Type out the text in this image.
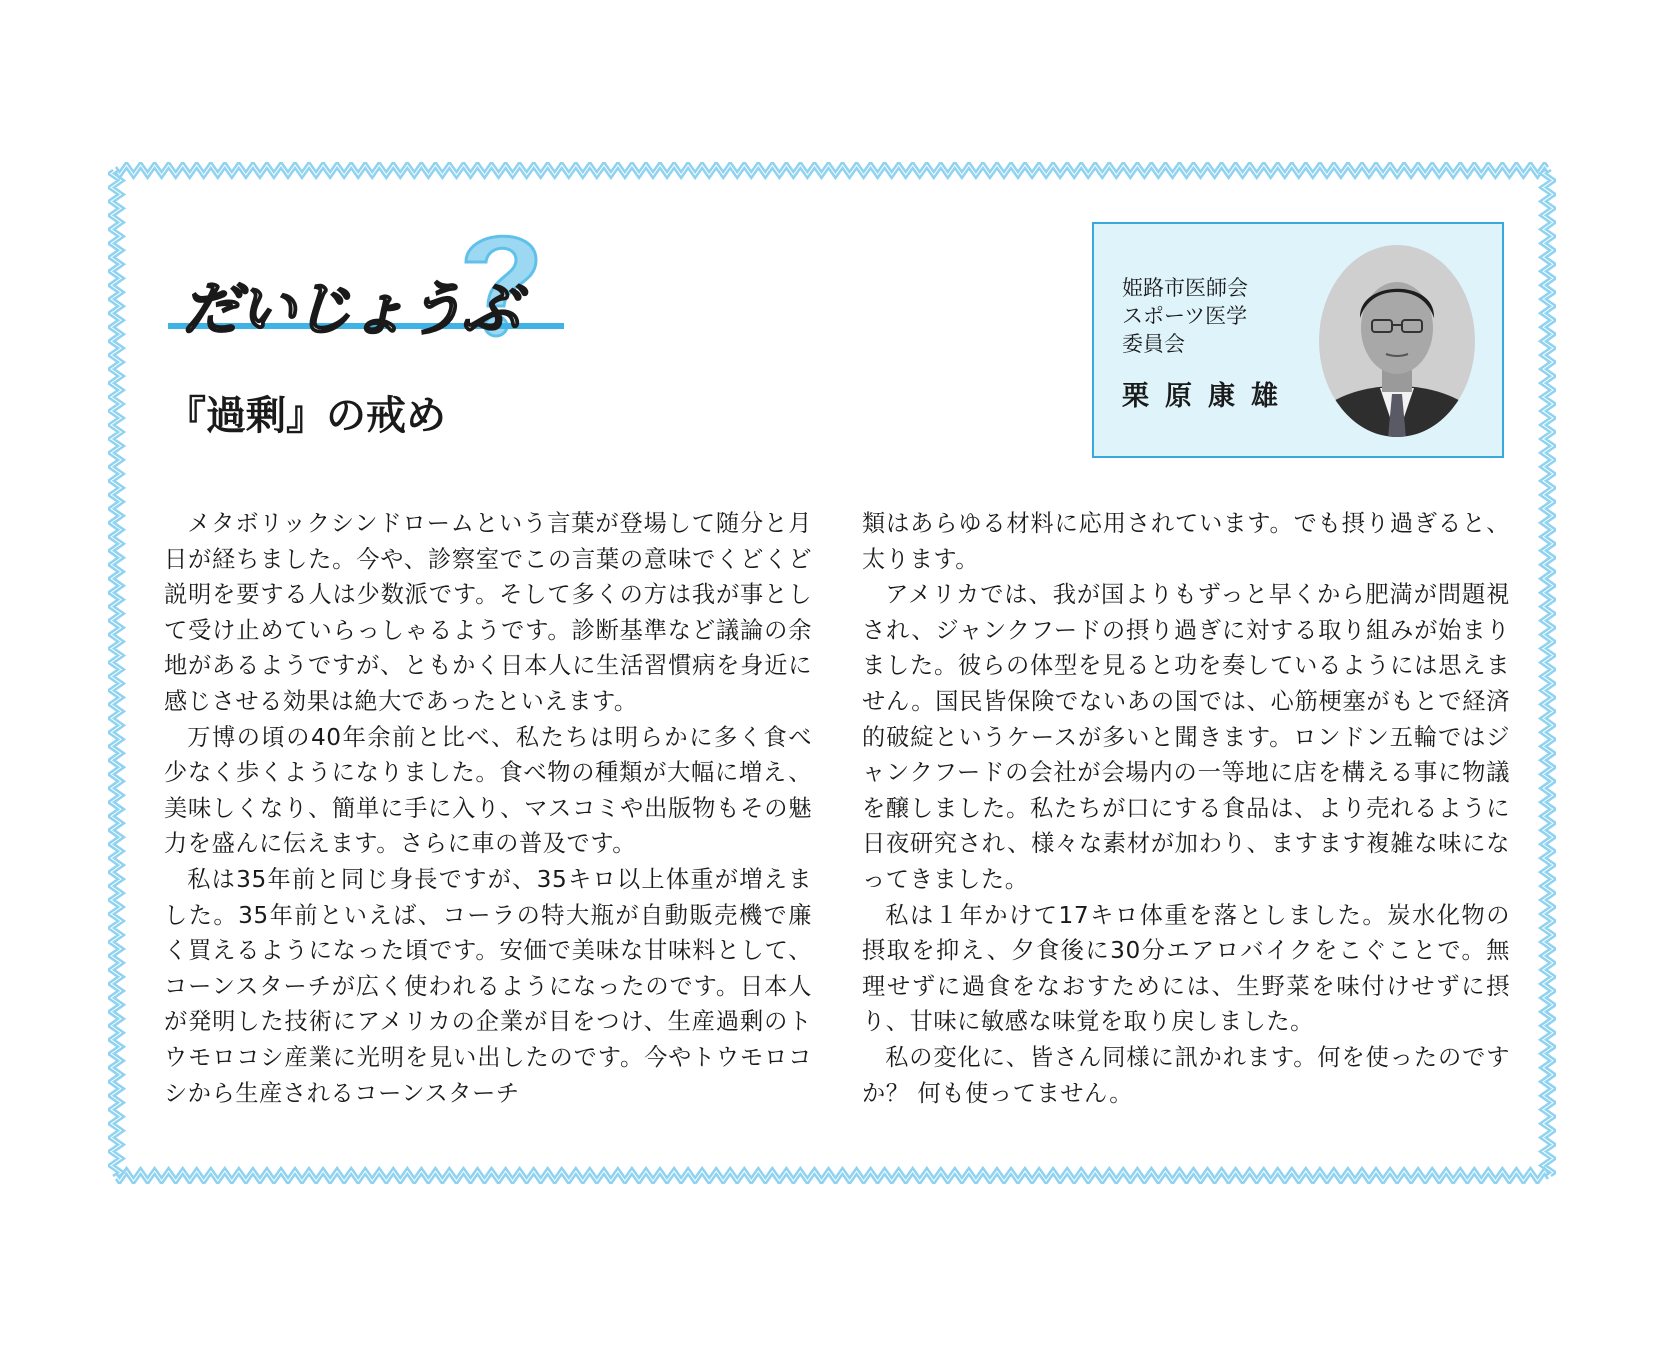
だいじょうぶ
『過剰』の戒め
姫路市医師会
スポーツ医学
委員会
栗原康雄

メタボリックシンドロームという言葉が登場して随分と月日が経ちました。今や、診察室でこの言葉の意味でくどくど説明を要する人は少数派です。そして多くの方は我が事として受け止めていらっしゃるようです。診断基準など議論の余地があるようですが、ともかく日本人に生活習慣病を身近に感じさせる効果は絶大であったといえます。

万博の頃の40年余前と比べ、私たちは明らかに多く食べ少なく歩くようになりました。食べ物の種類が大幅に増え、美味しくなり、簡単に手に入り、マスコミや出版物もその魅力を盛んに伝えます。さらに車の普及です。

私は35年前と同じ身長ですが、35キロ以上体重が増えました。35年前といえば、コーラの特大瓶が自動販売機で廉く買えるようになった頃です。安価で美味な甘味料として、コーンスターチが広く使われるようになったのです。日本人が発明した技術にアメリカの企業が目をつけ、生産過剰のトウモロコシ産業に光明を見い出したのです。今やトウモロコシから生産されるコーンスターチ

類はあらゆる材料に応用されています。でも摂り過ぎると、太ります。

アメリカでは、我が国よりもずっと早くから肥満が問題視され、ジャンクフードの摂り過ぎに対する取り組みが始まりました。彼らの体型を見ると功を奏しているようには思えません。国民皆保険でないあの国では、心筋梗塞がもとで経済的破綻というケースが多いと聞きます。ロンドン五輪ではジャンクフードの会社が会場内の一等地に店を構える事に物議を醸しました。私たちが口にする食品は、より売れるように日夜研究され、様々な素材が加わり、ますます複雑な味になってきました。

私は１年かけて17キロ体重を落としました。炭水化物の摂取を抑え、夕食後に30分エアロバイクをこぐことで。無理せずに過食をなおすためには、生野菜を味付けせずに摂り、甘味に敏感な味覚を取り戻しました。

私の変化に、皆さん同様に訊かれます。何を使ったのですか？ 何も使ってません。
